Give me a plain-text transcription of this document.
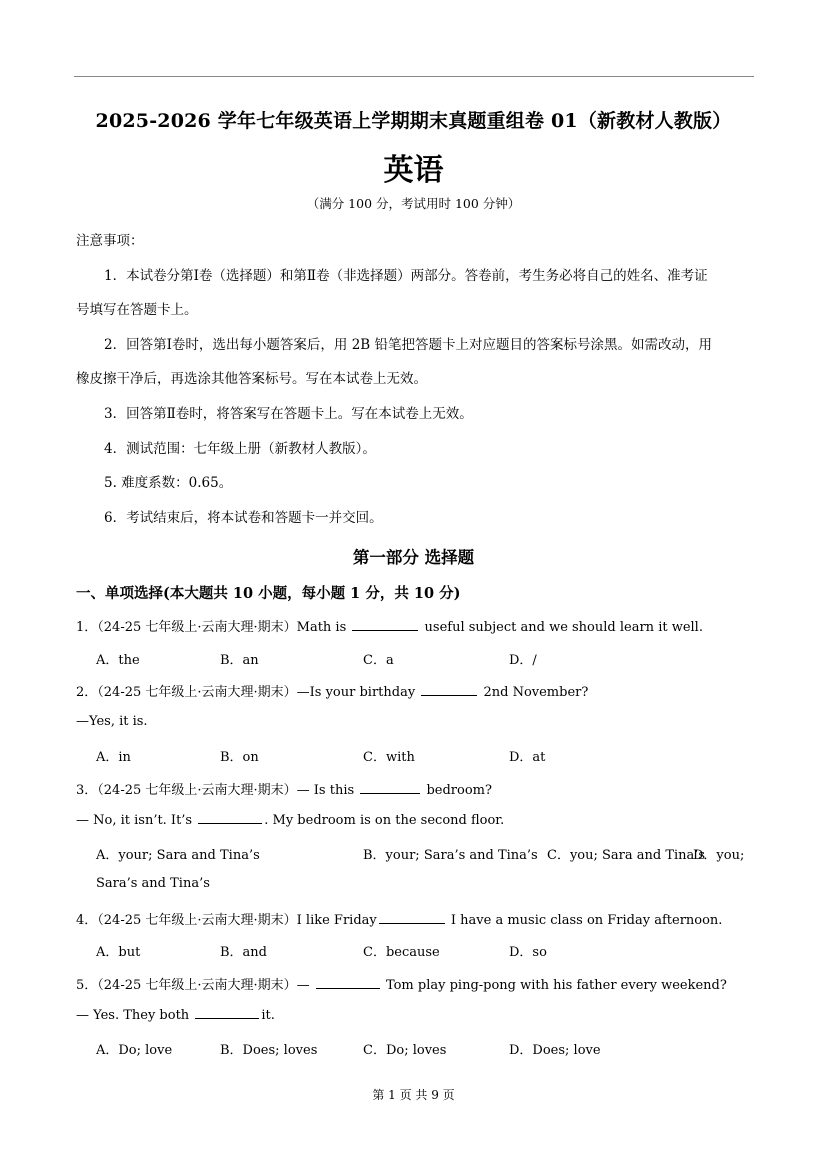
2025-2026 学年七年级英语上学期期末真题重组卷 01（新教材人教版）
英语
（满分 100 分，考试用时 100 分钟）
注意事项：
1．本试卷分第Ⅰ卷（选择题）和第Ⅱ卷（非选择题）两部分。答卷前，考生务必将自己的姓名、准考证
号填写在答题卡上。
2．回答第Ⅰ卷时，选出每小题答案后，用 2B 铅笔把答题卡上对应题目的答案标号涂黑。如需改动，用
橡皮擦干净后，再选涂其他答案标号。写在本试卷上无效。
3．回答第Ⅱ卷时，将答案写在答题卡上。写在本试卷上无效。
4．测试范围：七年级上册（新教材人教版）。
5. 难度系数：0.65。
6．考试结束后，将本试卷和答题卡一并交回。
第一部分 选择题
一、单项选择(本大题共 10 小题，每小题 1 分，共 10 分)
1．（24-25 七年级上·云南大理·期末）Math is	useful subject and we should learn it well.
A．the	B．an	C．a	D．/
2．（24-25 七年级上·云南大理·期末）—Is your birthday	2nd November?
—Yes, it is.
A．in	B．on	C．with	D．at
3．（24-25 七年级上·云南大理·期末）— Is this	bedroom?
— No, it isn’t. It’s	. My bedroom is on the second floor.
A．your; Sara and Tina’s	B．your; Sara’s and Tina’s C．you; Sara and Tina’s
D．you;
Sara’s and Tina’s
4．（24-25 七年级上·云南大理·期末）I like Friday	I have a music class on Friday afternoon.
A．but	B．and	C．because	D．so
5．（24-25 七年级上·云南大理·期末）—	Tom play ping-pong with his father every weekend?
— Yes. They both	it.
A．Do; love	B．Does; loves	C．Do; loves	D．Does; love
第 1 页 共 9 页
